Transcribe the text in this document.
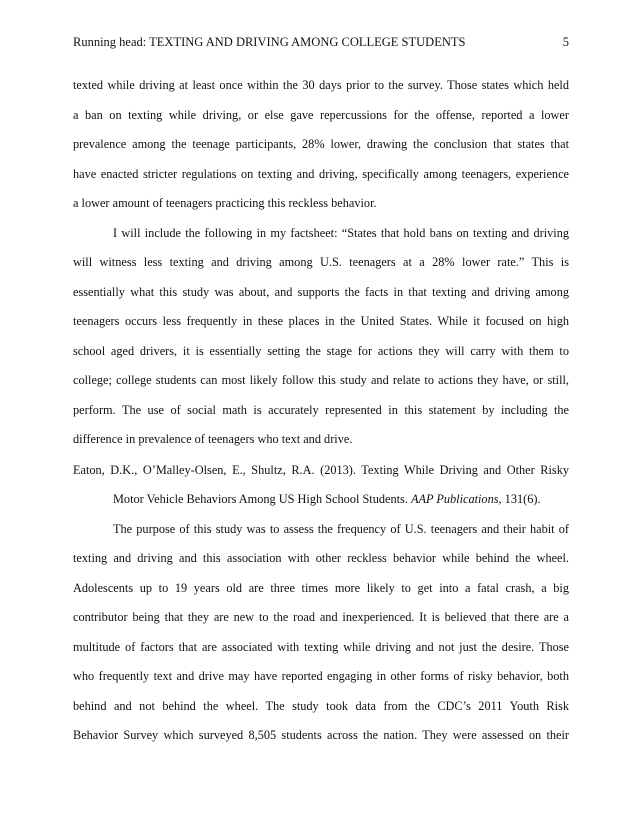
Running head: TEXTING AND DRIVING AMONG COLLEGE STUDENTS	5
texted while driving at least once within the 30 days prior to the survey. Those states which held
a ban on texting while driving, or else gave repercussions for the offense, reported a lower
prevalence among the teenage participants, 28% lower, drawing the conclusion that states that
have enacted stricter regulations on texting and driving, specifically among teenagers, experience
a lower amount of teenagers practicing this reckless behavior.
I will include the following in my factsheet: “States that hold bans on texting and driving
will witness less texting and driving among U.S. teenagers at a 28% lower rate.” This is
essentially what this study was about, and supports the facts in that texting and driving among
teenagers occurs less frequently in these places in the United States. While it focused on high
school aged drivers, it is essentially setting the stage for actions they will carry with them to
college; college students can most likely follow this study and relate to actions they have, or still,
perform. The use of social math is accurately represented in this statement by including the
difference in prevalence of teenagers who text and drive.
Eaton, D.K., O’Malley-Olsen, E., Shultz, R.A. (2013). Texting While Driving and Other Risky
Motor Vehicle Behaviors Among US High School Students. AAP Publications, 131(6).
The purpose of this study was to assess the frequency of U.S. teenagers and their habit of
texting and driving and this association with other reckless behavior while behind the wheel.
Adolescents up to 19 years old are three times more likely to get into a fatal crash, a big
contributor being that they are new to the road and inexperienced. It is believed that there are a
multitude of factors that are associated with texting while driving and not just the desire. Those
who frequently text and drive may have reported engaging in other forms of risky behavior, both
behind and not behind the wheel. The study took data from the CDC’s 2011 Youth Risk
Behavior Survey which surveyed 8,505 students across the nation. They were assessed on their
